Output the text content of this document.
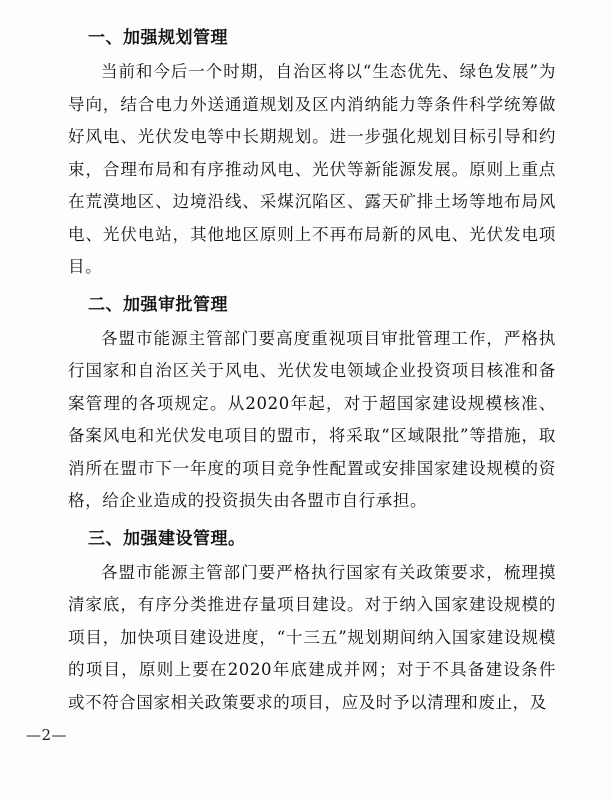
一、加强规划管理

当前和今后一个时期，自治区将以“生态优先、绿色发展”为导向，结合电力外送通道规划及区内消纳能力等条件科学统筹做好风电、光伏发电等中长期规划。进一步强化规划目标引导和约束，合理布局和有序推动风电、光伏等新能源发展。原则上重点在荒漠地区、边境沿线、采煤沉陷区、露天矿排土场等地布局风电、光伏电站，其他地区原则上不再布局新的风电、光伏发电项目。

二、加强审批管理

各盟市能源主管部门要高度重视项目审批管理工作，严格执行国家和自治区关于风电、光伏发电领域企业投资项目核准和备案管理的各项规定。从2020年起，对于超国家建设规模核准、备案风电和光伏发电项目的盟市，将采取“区域限批”等措施，取消所在盟市下一年度的项目竞争性配置或安排国家建设规模的资格，给企业造成的投资损失由各盟市自行承担。

三、加强建设管理。

各盟市能源主管部门要严格执行国家有关政策要求，梳理摸清家底，有序分类推进存量项目建设。对于纳入国家建设规模的项目，加快项目建设进度，“十三五”规划期间纳入国家建设规模的项目，原则上要在2020年底建成并网；对于不具备建设条件或不符合国家相关政策要求的项目，应及时予以清理和废止，及

—2—
